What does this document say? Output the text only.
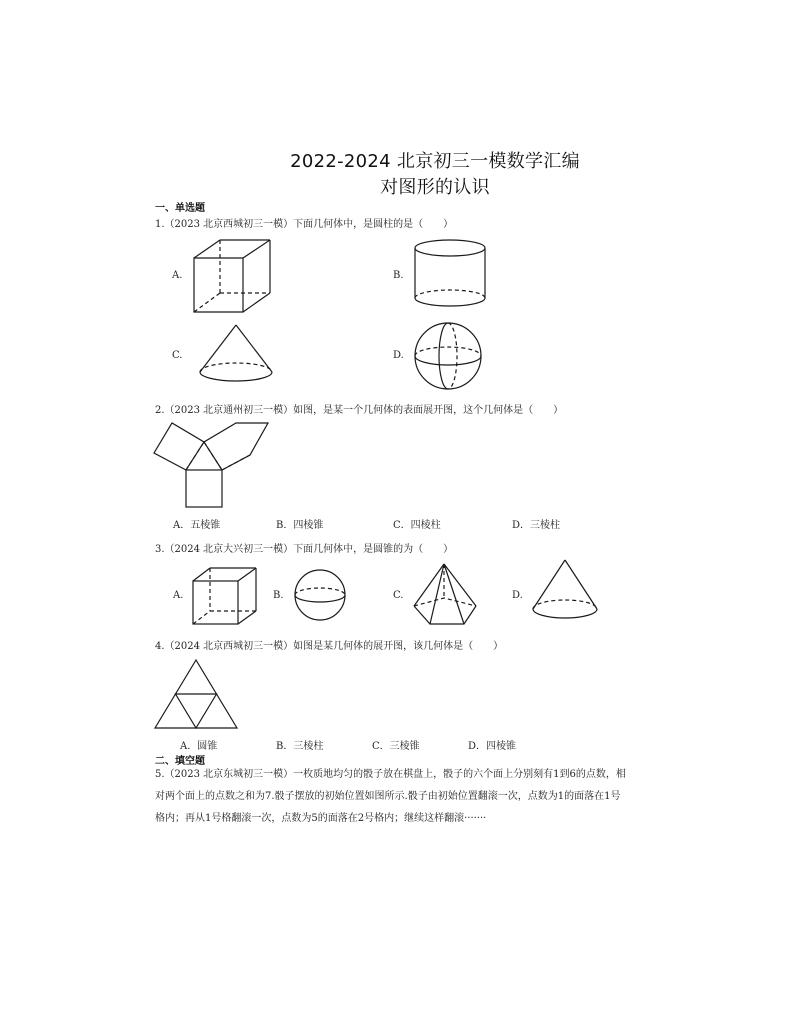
2022-2024 北京初三一模数学汇编
对图形的认识
一、单选题
1.（2023 北京西城初三一模）下面几何体中，是圆柱的是（　　）
A.	B.
C.	D.
2.（2023 北京通州初三一模）如图，是某一个几何体的表面展开图，这个几何体是（　　）
A．五棱锥	B．四棱锥	C．四棱柱	D．三棱柱
3.（2024 北京大兴初三一模）下面几何体中，是圆锥的为（　　）
A.	B.	C.	D.
4.（2024 北京西城初三一模）如图是某几何体的展开图，该几何体是（　　）
A．圆锥	B．三棱柱	C．三棱锥	D．四棱锥
二、填空题
5.（2023 北京东城初三一模）一枚质地均匀的骰子放在棋盘上，骰子的六个面上分别刻有1到6的点数，相
对两个面上的点数之和为7.骰子摆放的初始位置如图所示.骰子由初始位置翻滚一次，点数为1的面落在1号
格内；再从1号格翻滚一次，点数为5的面落在2号格内；继续这样翻滚·······
